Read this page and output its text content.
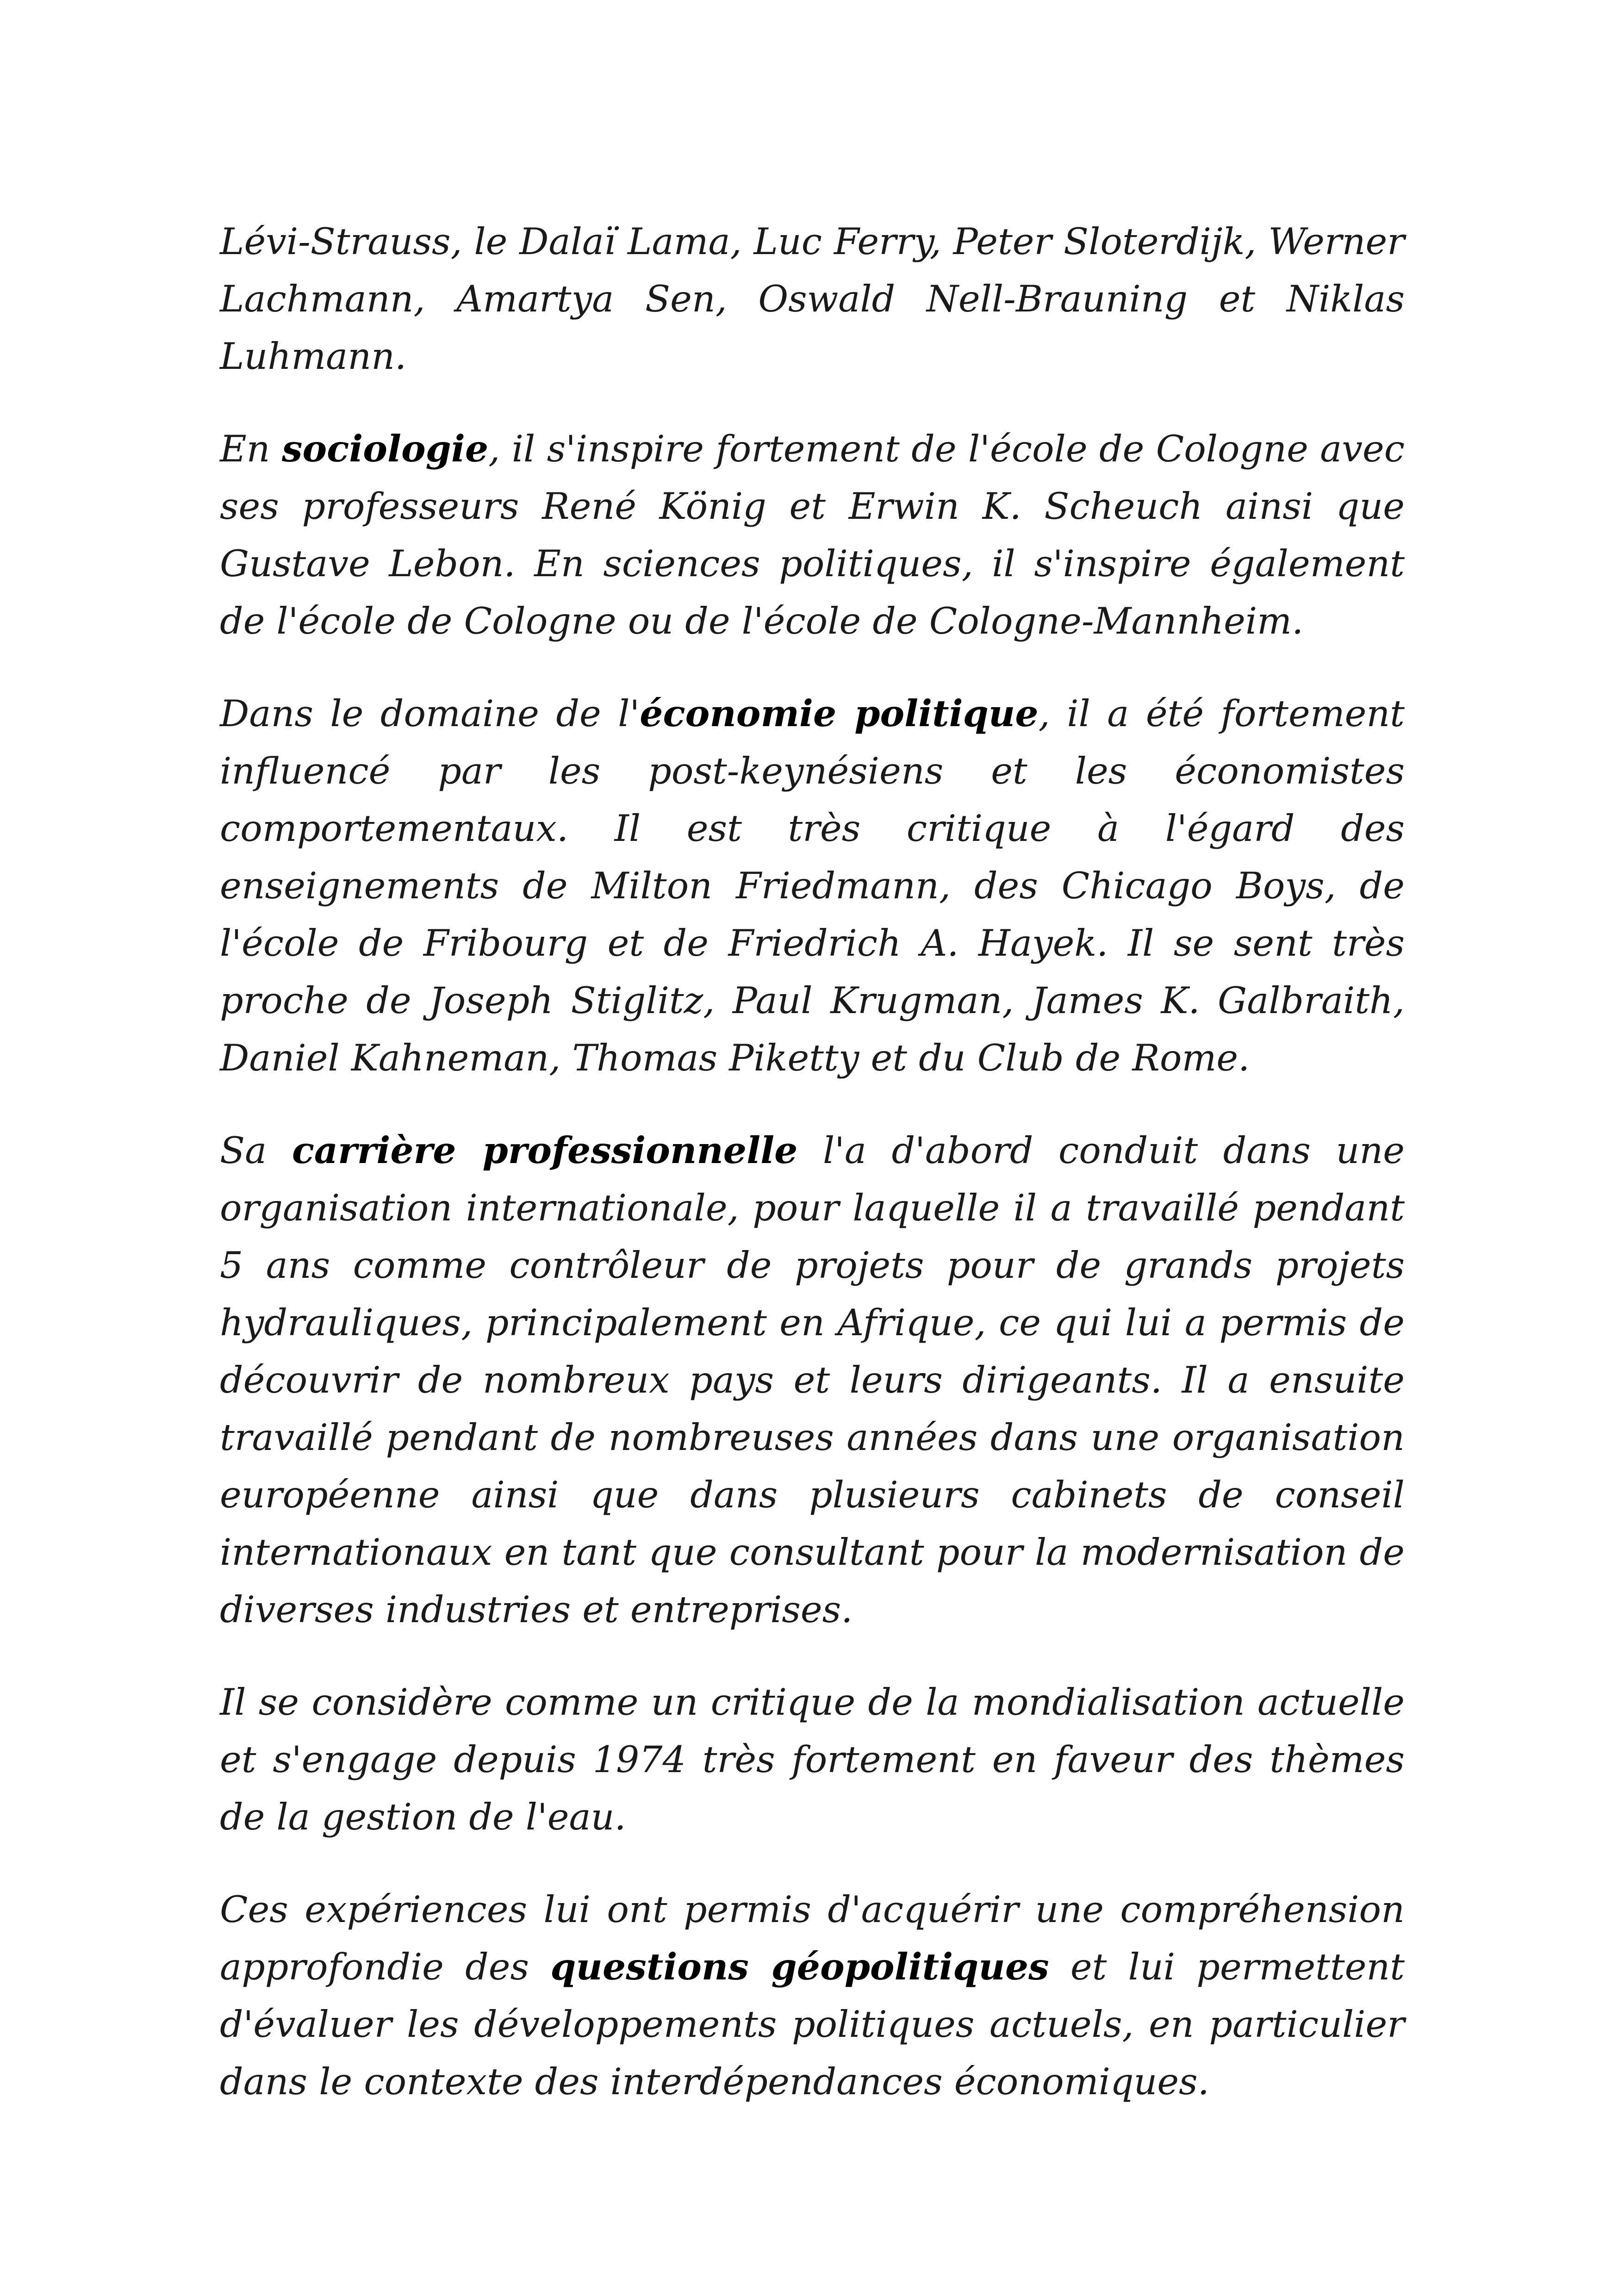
Lévi-Strauss, le Dalaï Lama, Luc Ferry, Peter Sloterdijk, Werner Lachmann, Amartya Sen, Oswald Nell-Brauning et Niklas Luhmann.

En sociologie, il s'inspire fortement de l'école de Cologne avec ses professeurs René König et Erwin K. Scheuch ainsi que Gustave Lebon. En sciences politiques, il s'inspire également de l'école de Cologne ou de l'école de Cologne-Mannheim.

Dans le domaine de l'économie politique, il a été fortement influencé par les post-keynésiens et les économistes comportementaux. Il est très critique à l'égard des enseignements de Milton Friedmann, des Chicago Boys, de l'école de Fribourg et de Friedrich A. Hayek. Il se sent très proche de Joseph Stiglitz, Paul Krugman, James K. Galbraith, Daniel Kahneman, Thomas Piketty et du Club de Rome.

Sa carrière professionnelle l'a d'abord conduit dans une organisation internationale, pour laquelle il a travaillé pendant 5 ans comme contrôleur de projets pour de grands projets hydrauliques, principalement en Afrique, ce qui lui a permis de découvrir de nombreux pays et leurs dirigeants. Il a ensuite travaillé pendant de nombreuses années dans une organisation européenne ainsi que dans plusieurs cabinets de conseil internationaux en tant que consultant pour la modernisation de diverses industries et entreprises.

Il se considère comme un critique de la mondialisation actuelle et s'engage depuis 1974 très fortement en faveur des thèmes de la gestion de l'eau.

Ces expériences lui ont permis d'acquérir une compréhension approfondie des questions géopolitiques et lui permettent d'évaluer les développements politiques actuels, en particulier dans le contexte des interdépendances économiques.
